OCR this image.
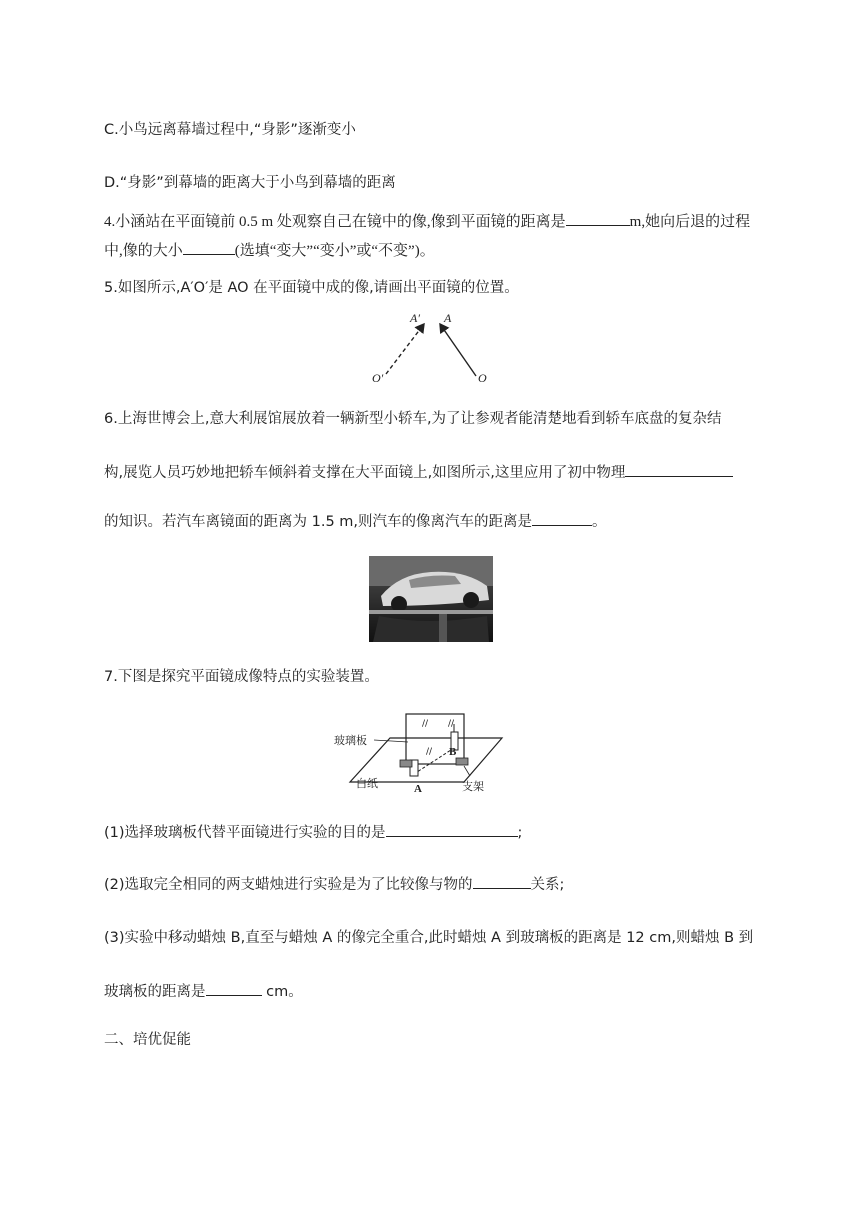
C.小鸟远离幕墙过程中,“身影”逐渐变小
D.“身影”到幕墙的距离大于小鸟到幕墙的距离
4.小涵站在平面镜前 0.5 m 处观察自己在镜中的像,像到平面镜的距离是	m,她向后退的过程
中,像的大小	(选填“变大”“变小”或“不变”)。
5.如图所示,A′O′是 AO 在平面镜中成的像,请画出平面镜的位置。
A′ A
O′	O
6.上海世博会上,意大利展馆展放着一辆新型小轿车,为了让参观者能清楚地看到轿车底盘的复杂结
构,展览人员巧妙地把轿车倾斜着支撑在大平面镜上,如图所示,这里应用了初中物理
的知识。若汽车离镜面的距离为 1.5 m,则汽车的像离汽车的距离是	。
7.下图是探究平面镜成像特点的实验装置。
// //
//
玻璃板
白纸	支架
A
B
(1)选择玻璃板代替平面镜进行实验的目的是	;
(2)选取完全相同的两支蜡烛进行实验是为了比较像与物的	关系;
(3)实验中移动蜡烛 B,直至与蜡烛 A 的像完全重合,此时蜡烛 A 到玻璃板的距离是 12 cm,则蜡烛 B 到
玻璃板的距离是	cm。
二、培优促能
